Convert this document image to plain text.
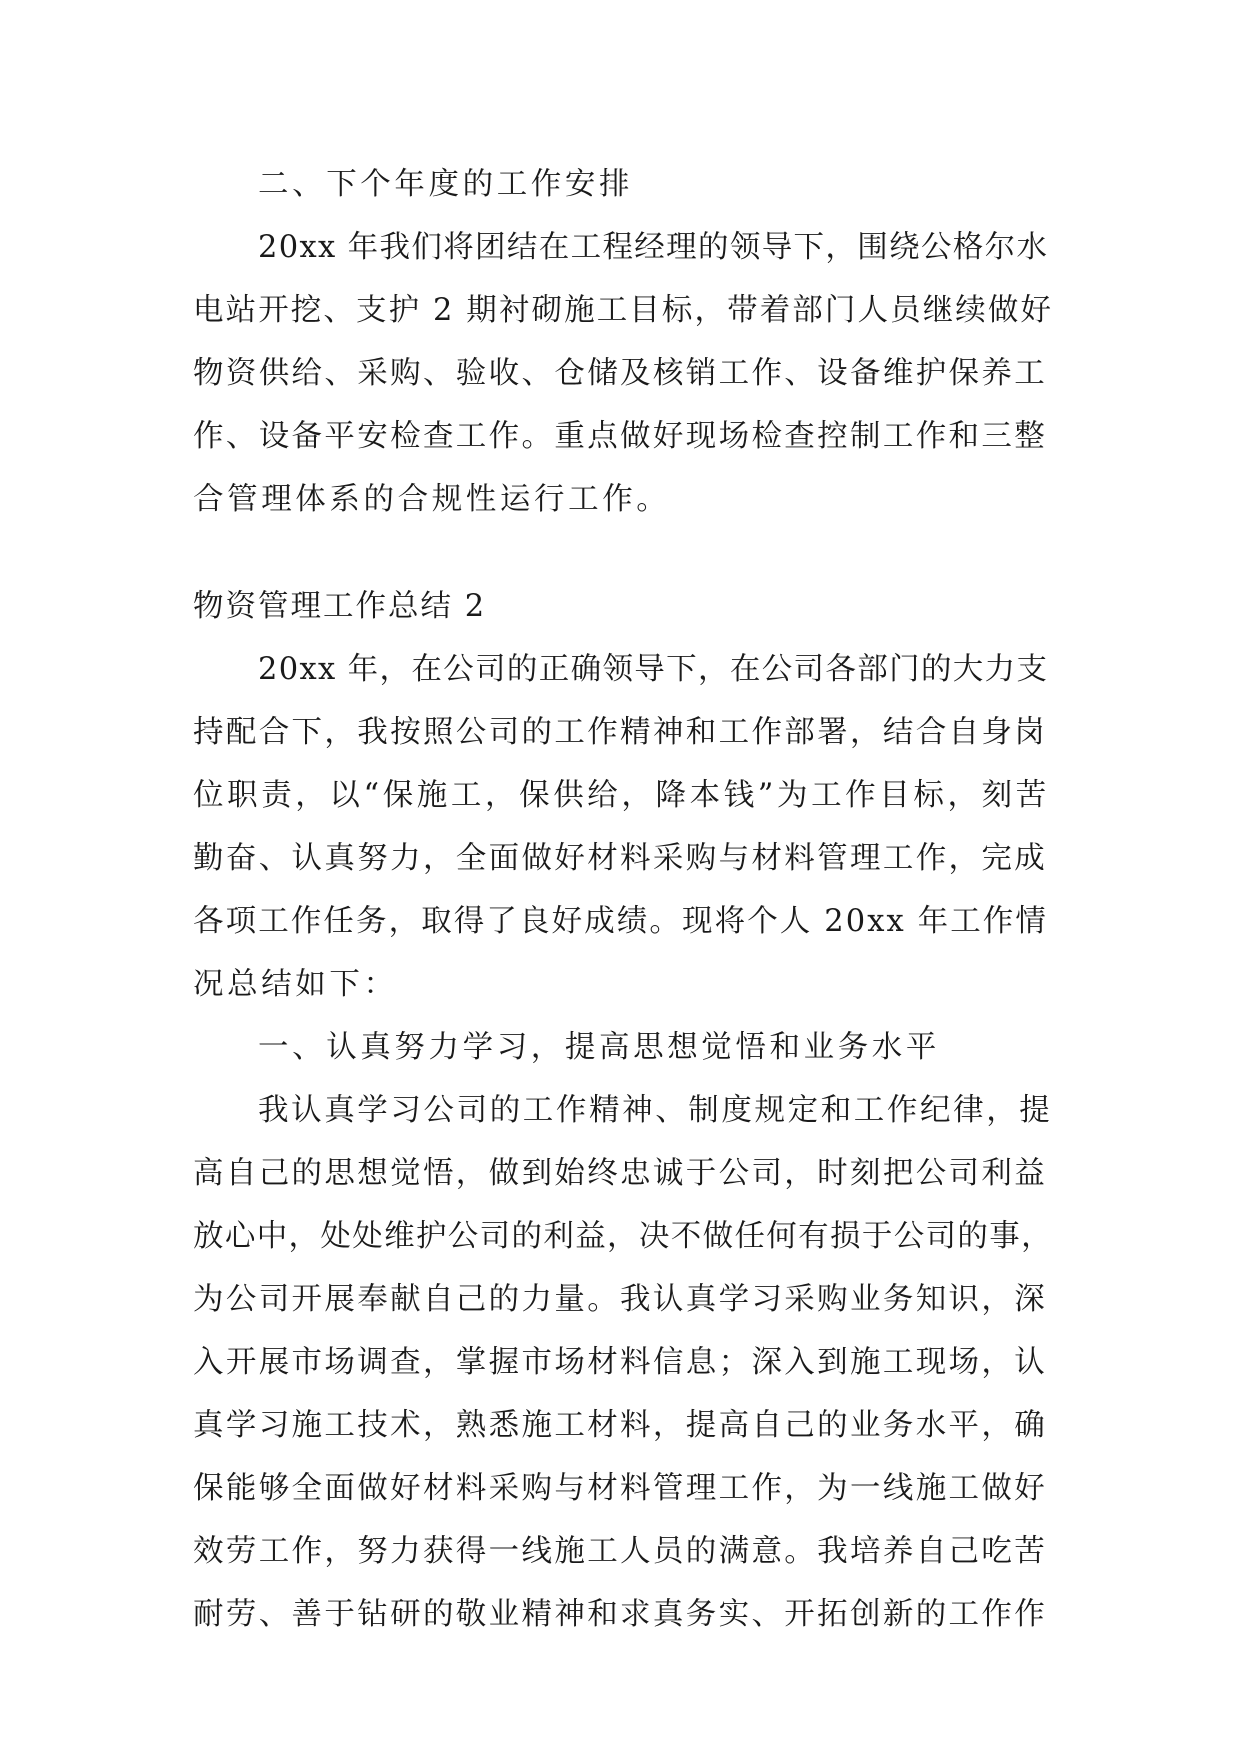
二、下个年度的工作安排
20xx 年我们将团结在工程经理的领导下，围绕公格尔水
电站开挖、支护 2 期衬砌施工目标，带着部门人员继续做好
物资供给、采购、验收、仓储及核销工作、设备维护保养工
作、设备平安检查工作。重点做好现场检查控制工作和三整
合管理体系的合规性运行工作。
物资管理工作总结 2
20xx 年，在公司的正确领导下，在公司各部门的大力支
持配合下，我按照公司的工作精神和工作部署，结合自身岗
位职责，以“保施工，保供给，降本钱”为工作目标，刻苦
勤奋、认真努力，全面做好材料采购与材料管理工作，完成
各项工作任务，取得了良好成绩。现将个人 20xx 年工作情
况总结如下：
一、认真努力学习，提高思想觉悟和业务水平
我认真学习公司的工作精神、制度规定和工作纪律，提
高自己的思想觉悟，做到始终忠诚于公司，时刻把公司利益
放心中，处处维护公司的利益，决不做任何有损于公司的事，
为公司开展奉献自己的力量。我认真学习采购业务知识，深
入开展市场调查，掌握市场材料信息；深入到施工现场，认
真学习施工技术，熟悉施工材料，提高自己的业务水平，确
保能够全面做好材料采购与材料管理工作，为一线施工做好
效劳工作，努力获得一线施工人员的满意。我培养自己吃苦
耐劳、善于钻研的敬业精神和求真务实、开拓创新的工作作
